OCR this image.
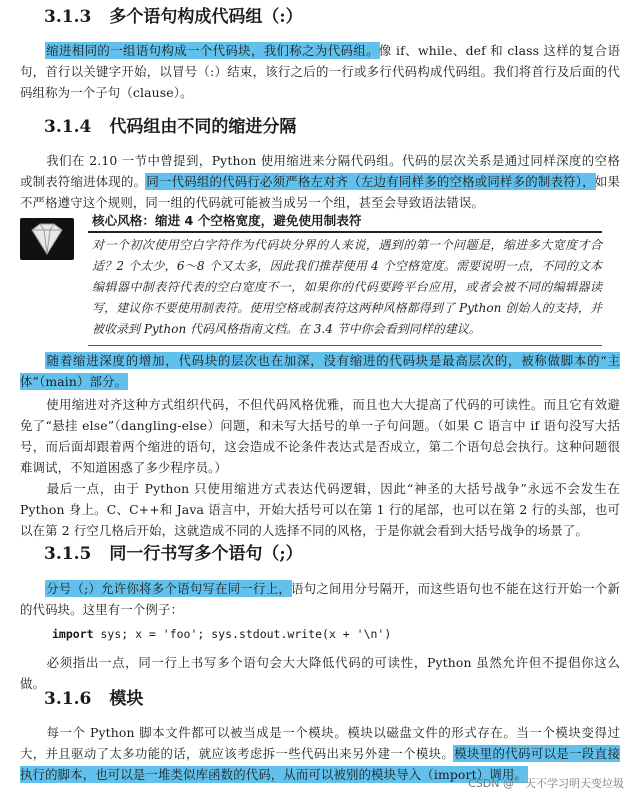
3.1.3 多个语句构成代码组（:）
缩进相同的一组语句构成一个代码块，我们称之为代码组。像 if、while、def 和 class 这样的复合语句，首行以关键字开始，以冒号（:）结束，该行之后的一行或多行代码构成代码组。我们将首行及后面的代码组称为一个子句（clause）。
3.1.4 代码组由不同的缩进分隔
我们在 2.10 一节中曾提到，Python 使用缩进来分隔代码组。代码的层次关系是通过同样深度的空格或制表符缩进体现的。同一代码组的代码行必须严格左对齐（左边有同样多的空格或同样多的制表符），如果不严格遵守这个规则，同一组的代码就可能被当成另一个组，甚至会导致语法错误。
核心风格：缩进 4 个空格宽度，避免使用制表符
对一个初次使用空白字符作为代码块分界的人来说，遇到的第一个问题是，缩进多大宽度才合适？2 个太少，6～8 个又太多，因此我们推荐使用 4 个空格宽度。需要说明一点，不同的文本编辑器中制表符代表的空白宽度不一，如果你的代码要跨平台应用，或者会被不同的编辑器读写，建议你不要使用制表符。使用空格或制表符这两种风格都得到了 Python 创始人的支持，并被收录到 Python 代码风格指南文档。在 3.4 节中你会看到同样的建议。
随着缩进深度的增加，代码块的层次也在加深，没有缩进的代码块是最高层次的，被称做脚本的“主体”（main）部分。
使用缩进对齐这种方式组织代码，不但代码风格优雅，而且也大大提高了代码的可读性。而且它有效避免了“悬挂 else”（dangling-else）问题，和未写大括号的单一子句问题。（如果 C 语言中 if 语句没写大括号，而后面却跟着两个缩进的语句，这会造成不论条件表达式是否成立，第二个语句总会执行。这种问题很难调试，不知道困惑了多少程序员。）
最后一点，由于 Python 只使用缩进方式表达代码逻辑，因此“神圣的大括号战争”永远不会发生在 Python 身上。C、C++和 Java 语言中，开始大括号可以在第 1 行的尾部，也可以在第 2 行的头部，也可以在第 2 行空几格后开始，这就造成不同的人选择不同的风格，于是你就会看到大括号战争的场景了。
3.1.5 同一行书写多个语句（;）
分号（;）允许你将多个语句写在同一行上，语句之间用分号隔开，而这些语句也不能在这行开始一个新的代码块。这里有一个例子：
import sys; x = 'foo'; sys.stdout.write(x + '\n')
必须指出一点，同一行上书写多个语句会大大降低代码的可读性，Python 虽然允许但不提倡你这么做。
3.1.6 模块
每一个 Python 脚本文件都可以被当成是一个模块。模块以磁盘文件的形式存在。当一个模块变得过大，并且驱动了太多功能的话，就应该考虑拆一些代码出来另外建一个模块。模块里的代码可以是一段直接执行的脚本，也可以是一堆类似库函数的代码，从而可以被别的模块导入（import）调用。
CSDN @一天不学习明天变垃圾
